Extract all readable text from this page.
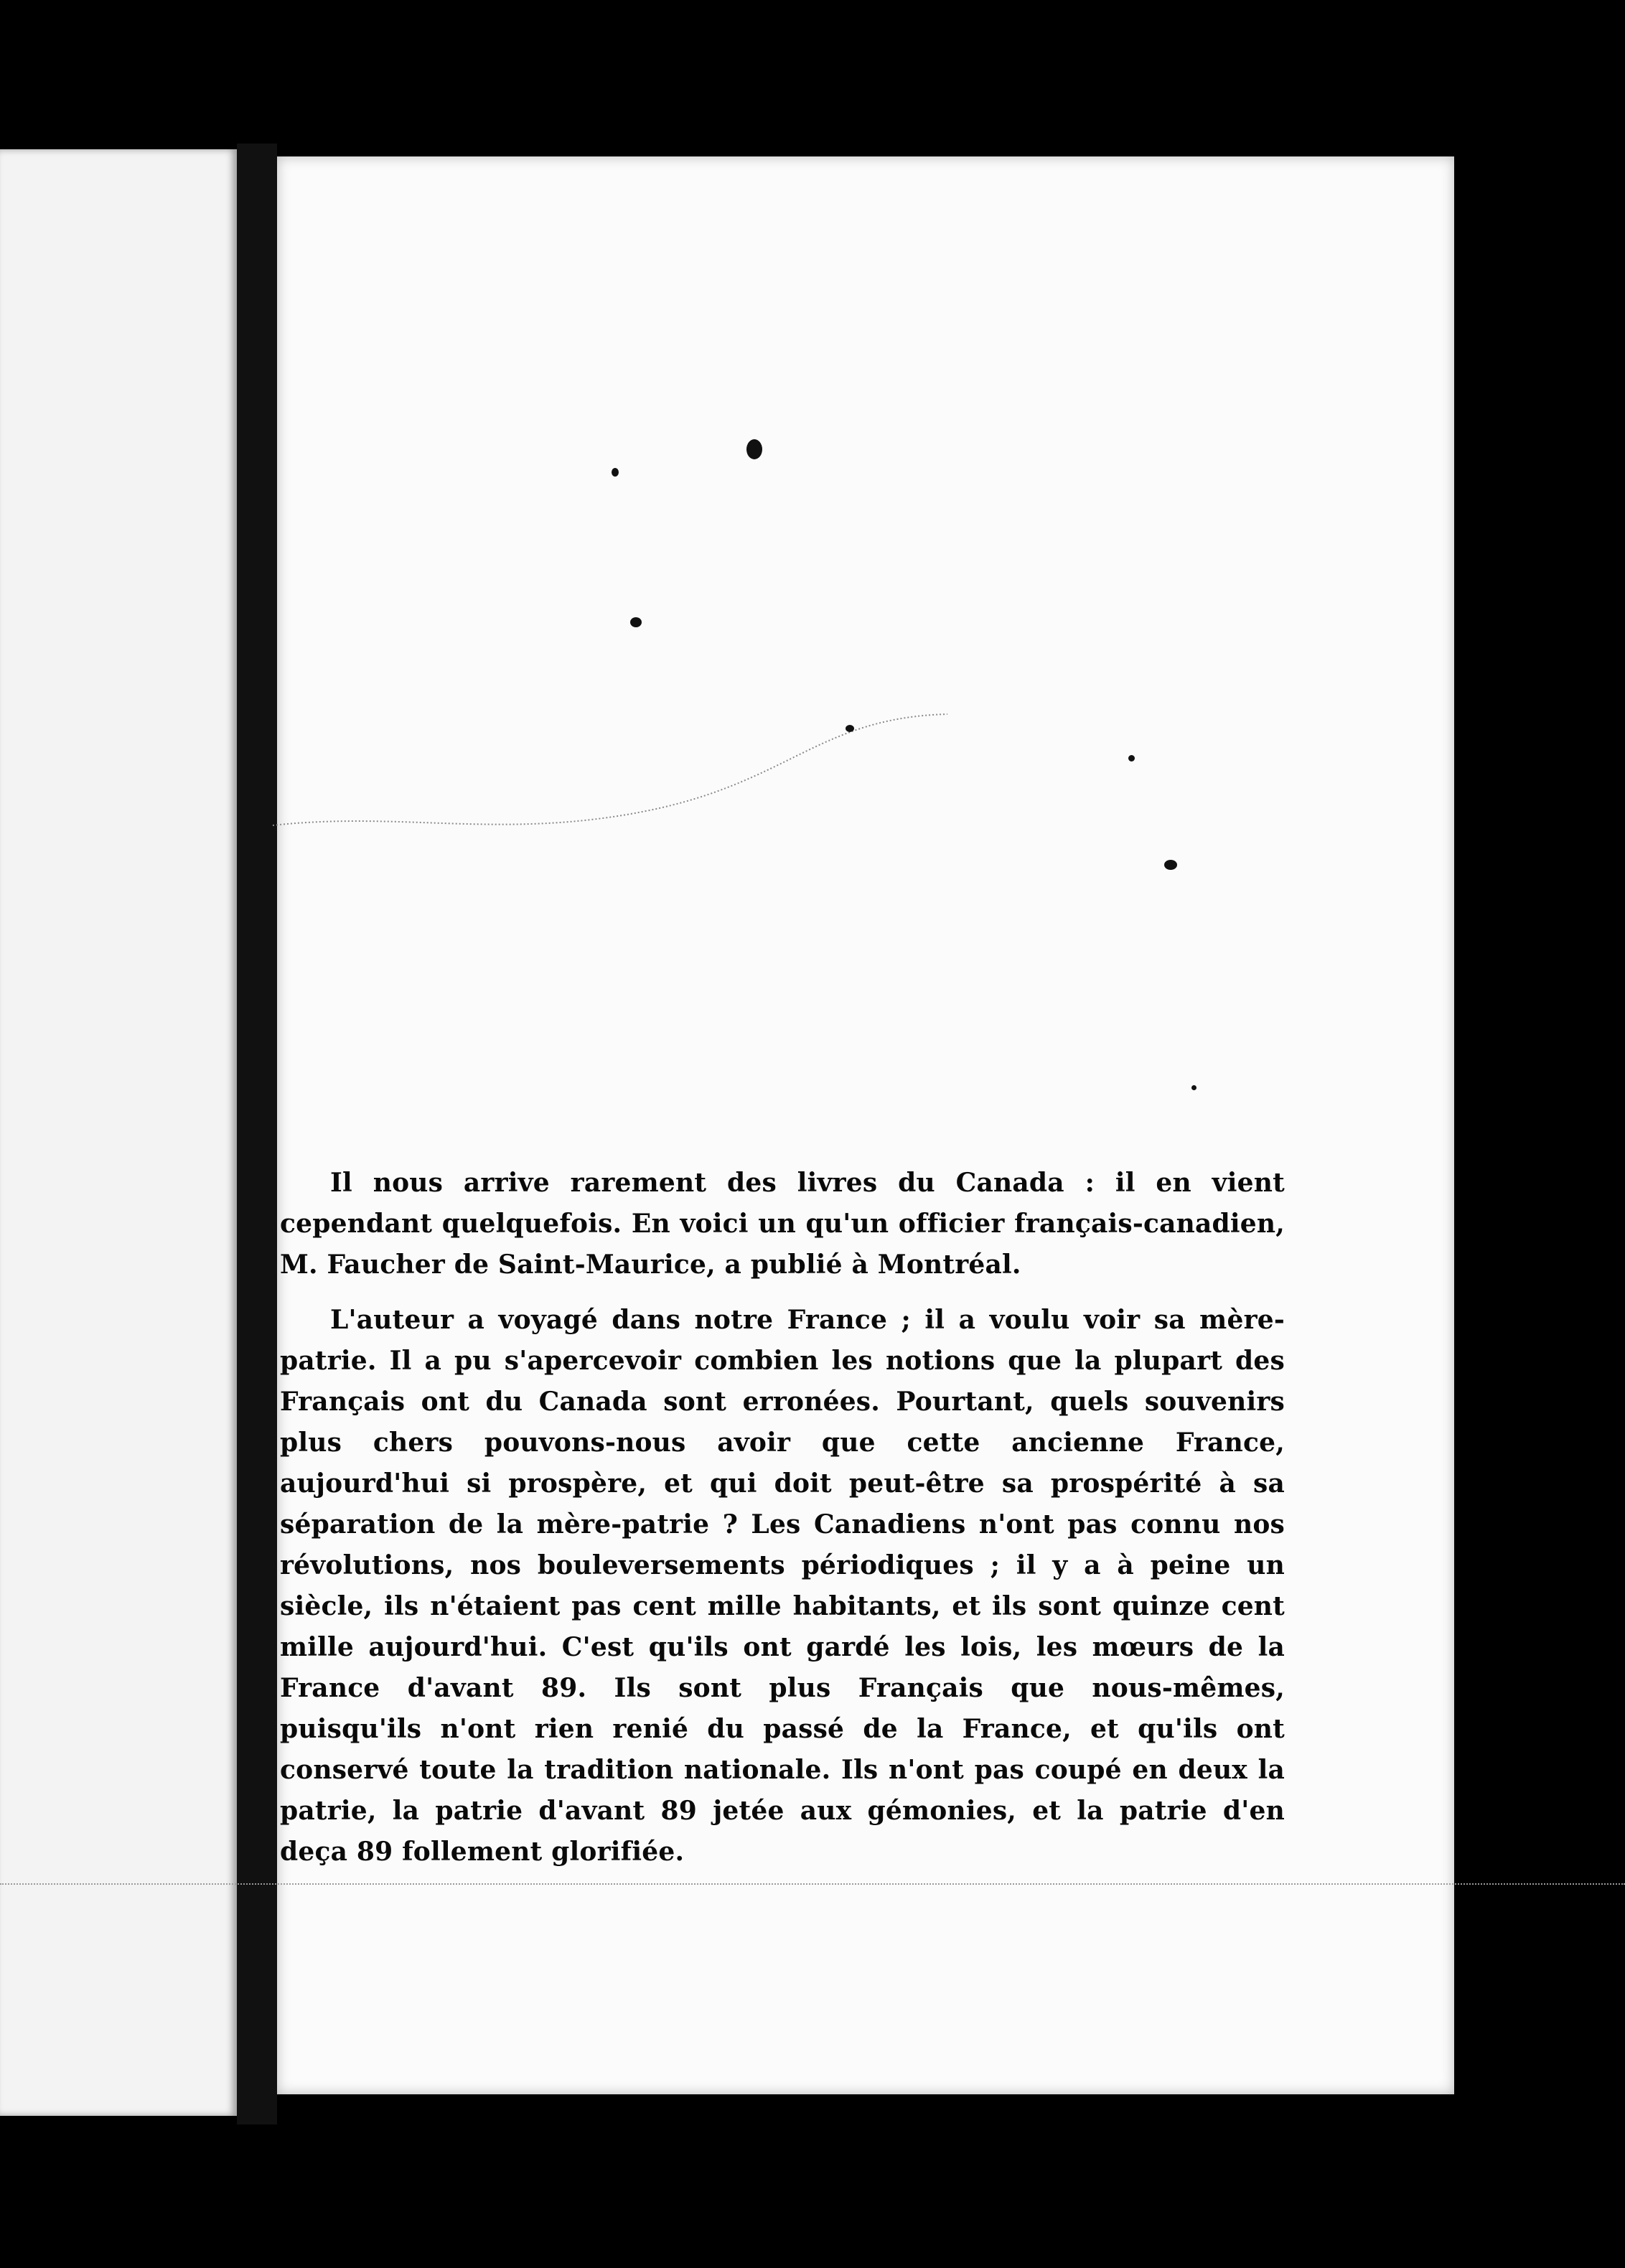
Il nous arrive rarement des livres du Canada : il en vient cependant quelquefois. En voici un qu'un officier français-canadien, M. Faucher de Saint-Maurice, a publié à Montréal.

L'auteur a voyagé dans notre France ; il a voulu voir sa mère-patrie. Il a pu s'apercevoir combien les notions que la plupart des Français ont du Canada sont erronées. Pourtant, quels souvenirs plus chers pouvons-nous avoir que cette ancienne France, aujourd'hui si prospère, et qui doit peut-être sa prospérité à sa séparation de la mère-patrie ? Les Canadiens n'ont pas connu nos révolutions, nos bouleversements périodiques ; il y a à peine un siècle, ils n'étaient pas cent mille habitants, et ils sont quinze cent mille aujourd'hui. C'est qu'ils ont gardé les lois, les mœurs de la France d'avant 89. Ils sont plus Français que nous-mêmes, puisqu'ils n'ont rien renié du passé de la France, et qu'ils ont conservé toute la tradition nationale. Ils n'ont pas coupé en deux la patrie, la patrie d'avant 89 jetée aux gémonies, et la patrie d'en deça 89 follement glorifiée.
